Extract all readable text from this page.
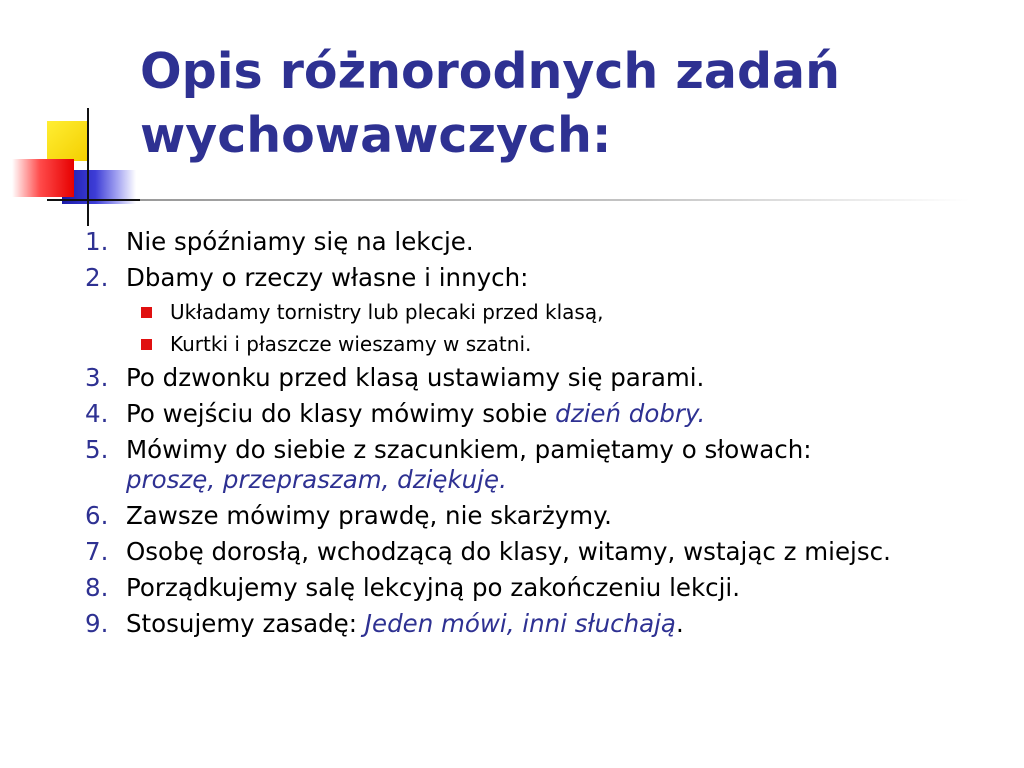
Opis różnorodnych zadań
wychowawczych:
1. Nie spóźniamy się na lekcje.
2. Dbamy o rzeczy własne i innych:
Układamy tornistry lub plecaki przed klasą,
Kurtki i płaszcze wieszamy w szatni.
3. Po dzwonku przed klasą ustawiamy się parami.
4. Po wejściu do klasy mówimy sobie dzień dobry.
5. Mówimy do siebie z szacunkiem, pamiętamy o słowach:
proszę, przepraszam, dziękuję.
6. Zawsze mówimy prawdę, nie skarżymy.
7. Osobę dorosłą, wchodzącą do klasy, witamy, wstając z miejsc.
8. Porządkujemy salę lekcyjną po zakończeniu lekcji.
9. Stosujemy zasadę: Jeden mówi, inni słuchają.
